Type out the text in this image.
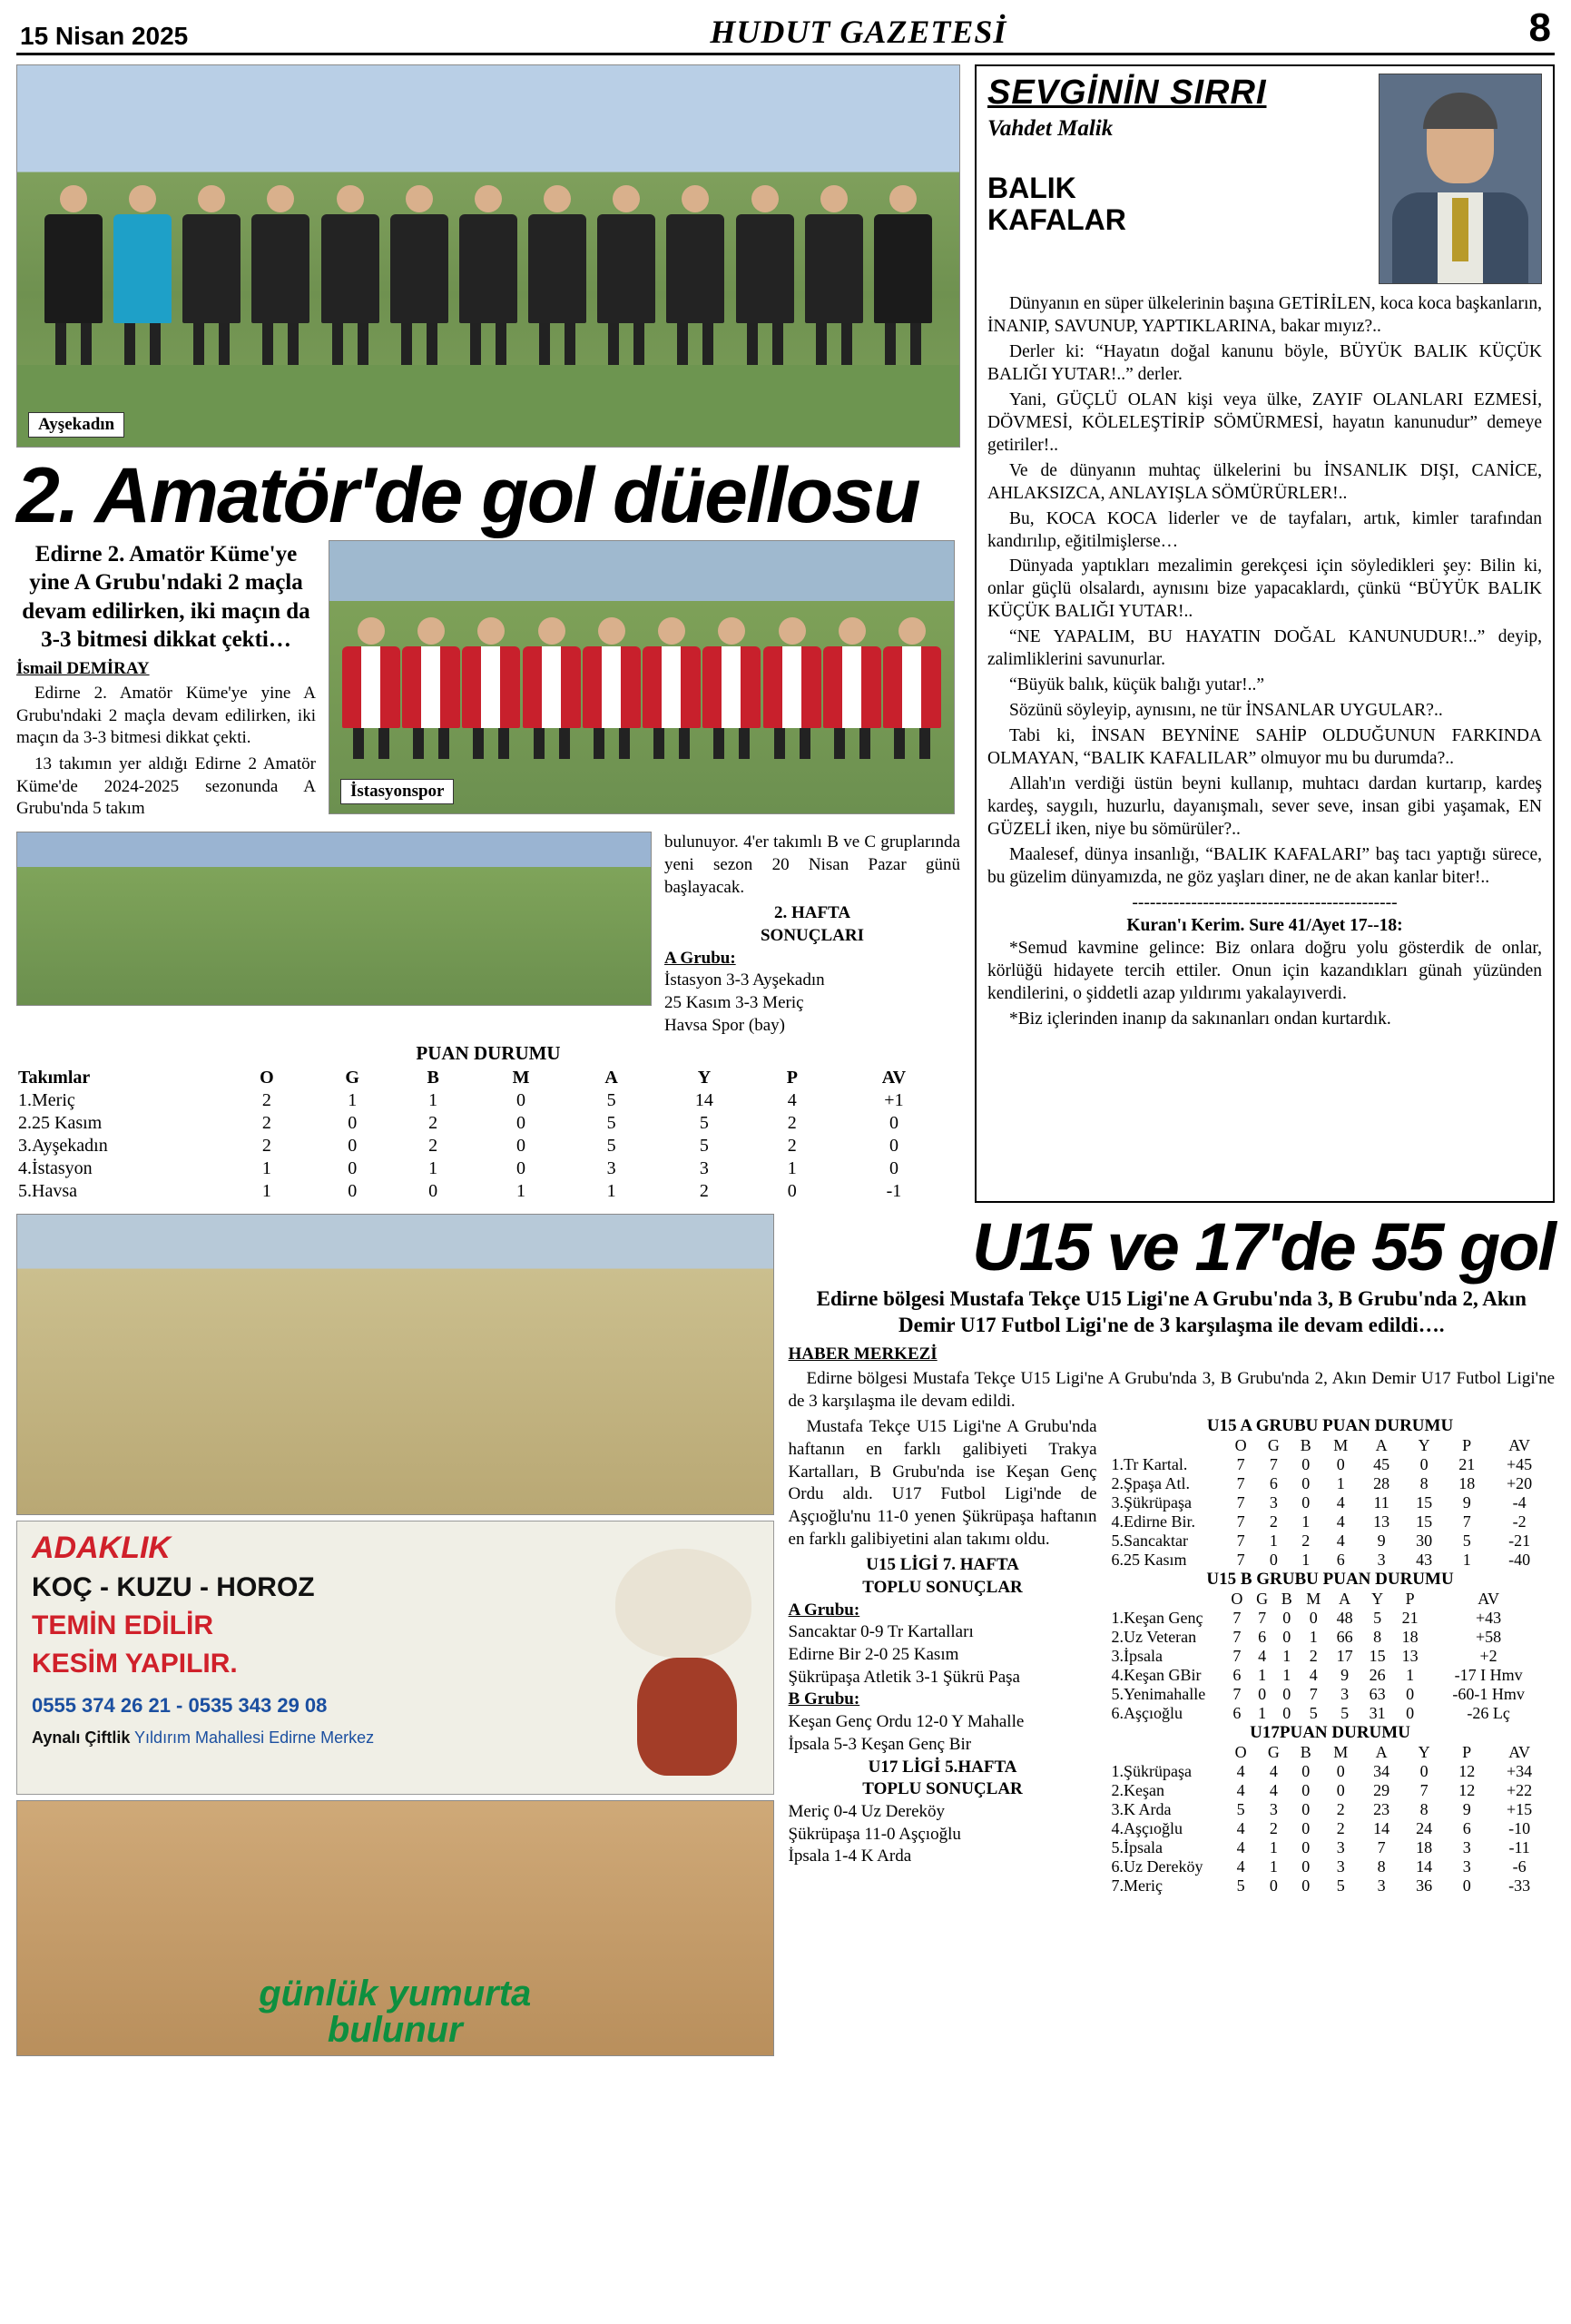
15 Nisan 2025	HUDUT GAZETESİ	8
Ayşekadın
2. Amatör'de gol düellosu
Edirne 2. Amatör Küme'ye yine A Grubu'ndaki 2 maçla devam edilirken, iki maçın da 3-3 bitmesi dikkat çekti…
İsmail DEMİRAY

Edirne 2. Amatör Küme'ye yine A Grubu'ndaki 2 maçla devam edilirken, iki maçın da 3-3 bitmesi dikkat çekti.

13 takımın yer aldığı Edirne 2 Amatör Küme'de 2024-2025 sezonunda A Grubu'nda 5 takım

İstasyonspor

bulunuyor. 4'er takımlı B ve C gruplarında yeni sezon 20 Nisan Pazar günü başlayacak.

2. HAFTA
SONUÇLARI
A Grubu:
İstasyon 3-3 Ayşekadın
25 Kasım 3-3 Meriç
Havsa Spor (bay)
PUAN DURUMU
Takımlar	O	G	B	M	A	Y	P	AV
1.Meriç	2	1	1	0	5	14	4	+1
2.25 Kasım	2	0	2	0	5	5	2	0
3.Ayşekadın	2	0	2	0	5	5	2	0
4.İstasyon	1	0	1	0	3	3	1	0
5.Havsa	1	0	0	1	1	2	0	-1
SEVGİNİN SIRRI
Vahdet Malik
BALIK
KAFALAR

Dünyanın en süper ülkelerinin başına GETİRİLEN, koca koca başkanların, İNANIP, SAVUNUP, YAPTIKLARINA, bakar mıyız?..

Derler ki: “Hayatın doğal kanunu böyle, BÜYÜK BALIK KÜÇÜK BALIĞI YUTAR!..” derler.

Yani, GÜÇLÜ OLAN kişi veya ülke, ZAYIF OLANLARI EZMESİ, DÖVMESİ, KÖLELEŞTİRİP SÖMÜRMESİ, hayatın kanunudur” demeye getiriler!..

Ve de dünyanın muhtaç ülkelerini bu İNSANLIK DIŞI, CANİCE, AHLAKSIZCA, ANLAYIŞLA SÖMÜRÜRLER!..

Bu, KOCA KOCA liderler ve de tayfaları, artık, kimler tarafından kandırılıp, eğitilmişlerse…

Dünyada yaptıkları mezalimin gerekçesi için söyledikleri şey: Bilin ki, onlar güçlü olsalardı, aynısını bize yapacaklardı, çünkü “BÜYÜK BALIK KÜÇÜK BALIĞI YUTAR!..

“NE YAPALIM, BU HAYATIN DOĞAL KANUNUDUR!..” deyip, zalimliklerini savunurlar.

“Büyük balık, küçük balığı yutar!..”

Sözünü söyleyip, aynısını, ne tür İNSANLAR UYGULAR?..

Tabi ki, İNSAN BEYNİNE SAHİP OLDUĞUNUN FARKINDA OLMAYAN, “BALIK KAFALILAR” olmuyor mu bu durumda?..

Allah'ın verdiği üstün beyni kullanıp, muhtacı dardan kurtarıp, kardeş kardeş, saygılı, huzurlu, dayanışmalı, sever seve, insan gibi yaşamak, EN GÜZELİ iken, niye bu sömürüler?..

Maalesef, dünya insanlığı, “BALIK KAFALARI” baş tacı yaptığı sürece, bu güzelim dünyamızda, ne göz yaşları diner, ne de akan kanlar biter!..

---------------------------------------------
Kuran'ı Kerim. Sure 41/Ayet 17--18:

*Semud kavmine gelince: Biz onlara doğru yolu gösterdik de onlar, körlüğü hidayete tercih ettiler. Onun için kazandıkları günah yüzünden kendilerini, o şiddetli azap yıldırımı yakalayıverdi.

*Biz içlerinden inanıp da sakınanları ondan kurtardık.

ADAKLIK
KOÇ - KUZU - HOROZ
TEMİN EDİLİR
KESİM YAPILIR.
0555 374 26 21 - 0535 343 29 08
Aynalı Çiftlik Yıldırım Mahallesi Edirne Merkez
günlük yumurta
bulunur
U15 ve 17'de 55 gol
Edirne bölgesi Mustafa Tekçe U15 Ligi'ne A Grubu'nda 3, B Grubu'nda 2, Akın Demir U17 Futbol Ligi'ne de 3 karşılaşma ile devam edildi….
HABER MERKEZİ

Edirne bölgesi Mustafa Tekçe U15 Ligi'ne A Grubu'nda 3, B Grubu'nda 2, Akın Demir U17 Futbol Ligi'ne de 3 karşılaşma ile devam edildi.

Mustafa Tekçe U15 Ligi'ne A Grubu'nda haftanın en farklı galibiyeti Trakya Kartalları, B Grubu'nda ise Keşan Genç Ordu aldı. U17 Futbol Ligi'nde de Aşçıoğlu'nu 11-0 yenen Şükrüpaşa haftanın en farklı galibiyetini alan takımı oldu.

U15 LİGİ 7. HAFTA
TOPLU SONUÇLAR
A Grubu:
Sancaktar 0-9 Tr Kartalları
Edirne Bir 2-0 25 Kasım
Şükrüpaşa Atletik 3-1 Şükrü Paşa
B Grubu:
Keşan Genç Ordu 12-0 Y Mahalle
İpsala 5-3 Keşan Genç Bir
U17 LİGİ 5.HAFTA
TOPLU SONUÇLAR
Meriç 0-4 Uz Dereköy
Şükrüpaşa 11-0 Aşçıoğlu
İpsala 1-4 K Arda
U15 A GRUBU PUAN DURUMU
	O	G	B	M	A	Y	P	AV
1.Tr Kartal.	7	7	0	0	45	0	21	+45
2.Şpaşa Atl.	7	6	0	1	28	8	18	+20
3.Şükrüpaşa	7	3	0	4	11	15	9	-4
4.Edirne Bir.	7	2	1	4	13	15	7	-2
5.Sancaktar	7	1	2	4	9	30	5	-21
6.25 Kasım	7	0	1	6	3	43	1	-40
U15 B GRUBU PUAN DURUMU
	O	G	B	M	A	Y	P	AV
1.Keşan Genç	7	7	0	0	48	5	21	+43
2.Uz Veteran	7	6	0	1	66	8	18	+58
3.İpsala	7	4	1	2	17	15	13	+2
4.Keşan GBir	6	1	1	4	9	26	1	-17 I Hmv
5.Yenimahalle	7	0	0	7	3	63	0	-60-1 Hmv
6.Aşçıoğlu	6	1	0	5	5	31	0	-26 Lç
U17PUAN DURUMU
	O	G	B	M	A	Y	P	AV
1.Şükrüpaşa	4	4	0	0	34	0	12	+34
2.Keşan	4	4	0	0	29	7	12	+22
3.K Arda	5	3	0	2	23	8	9	+15
4.Aşçıoğlu	4	2	0	2	14	24	6	-10
5.İpsala	4	1	0	3	7	18	3	-11
6.Uz Dereköy	4	1	0	3	8	14	3	-6
7.Meriç	5	0	0	5	3	36	0	-33
